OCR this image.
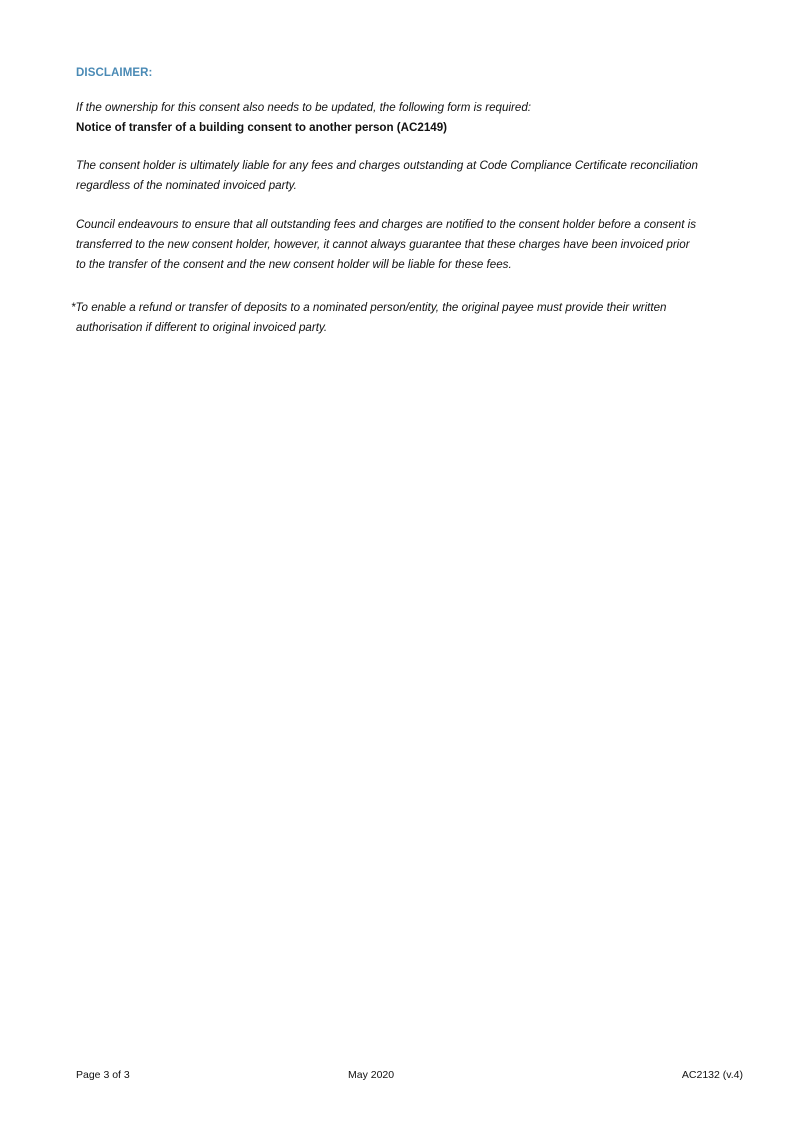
DISCLAIMER:
If the ownership for this consent also needs to be updated, the following form is required:
Notice of transfer of a building consent to another person (AC2149)
The consent holder is ultimately liable for any fees and charges outstanding at Code Compliance Certificate reconciliation
regardless of the nominated invoiced party.
Council endeavours to ensure that all outstanding fees and charges are notified to the consent holder before a consent is
transferred to the new consent holder, however, it cannot always guarantee that these charges have been invoiced prior
to the transfer of the consent and the new consent holder will be liable for these fees.
*To enable a refund or transfer of deposits to a nominated person/entity, the original payee must provide their written
authorisation if different to original invoiced party.
Page 3 of 3	May 2020	AC2132 (v.4)
